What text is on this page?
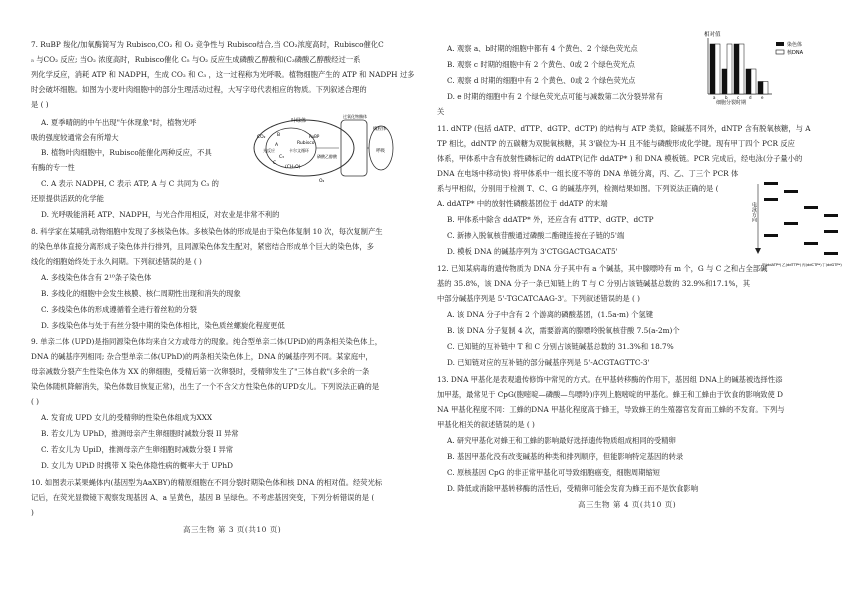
7. RuBP 羧化/加氧酶简写为 Rubisco,CO₂ 和 O₂ 竞争性与 Rubisco结合,当 CO₂浓度高时，Rubisco催化C
₅ 与CO₂ 反应; 当O₂ 浓度高时，Rubisco催化 C₅ 与O₂ 反应生成磷酸乙醇酸和(C₃磷酸乙醇酸经过一系
列化学反应，消耗 ATP 和 NADPH，生成 CO₂ 和 C₃ ，这一过程称为光呼吸。植物细胞产生的 ATP 和 NADPH 过多
时会破坏细胞。如图为小麦叶肉细胞中的部分生理活动过程，大写字母代表相应的物质。下列叙述合理的
是 ( )
A. 夏季晴朗的中午出现"午休现象"时，植物光呼
吸的强度较通常会有所增大
B. 植物叶肉细胞中，Rubisco能催化两种反应，不具
有酶的专一性
C. A 表示 NADPH, C 表示 ATP, A 与 C 共同为 C₃ 的
还原提供活跃的化学能
D. 光呼吸能消耗 ATP、NADPH，与光合作用相反，对农业是非常不利的
叶绿体
线粒体
过氧化物酶体
CO₂
O₂
Rubisco
RuBP
磷酸乙醇酸
(CH₂O)
C₃
光反应
A
B
C
卡尔文循环	呼吸
8. 科学家在某哺乳动物细胞中发现了多核染色体。多核染色体的形成是由于染色体复制 10 次，每次复制产生
的染色单体直接分离形成子染色体并行排列，且同源染色体发生配对，紧密结合形成单个巨大的染色体，多
线化的细胞始终处于永久间期。下列叙述错误的是 ( )
A. 多线染色体含有 2¹⁰条子染色体
B. 多线化的细胞中会发生核膜、核仁周期性出现和消失的现象
C. 多线染色体的形成遵循着全进行着丝粒的分裂
D. 多线染色体与处于有丝分裂中期的染色体相比，染色质丝螺旋化程度更低
9. 单亲二体 (UPD)是指同源染色体均来自父方或母方的现象。纯合型单亲二体(UPiD)的两条相关染色体上，
DNA 的碱基序列相同; 杂合型单亲二体(UPhD)的两条相关染色体上，DNA 的碱基序列不同。某家庭中，
母亲减数分裂产生性染色体为 XX 的卵细胞，受精后第一次卵裂时，受精卵发生了"三体自救"(多余的一条
染色体随机降解消失，染色体数目恢复正常)，出生了一个不含父方性染色体的UPD女儿。下列说法正确的是
( )
A. 发育成 UPD 女儿的受精卵的性染色体组成为XXX
B. 若女儿为 UPhD，推测母亲产生卵细胞时减数分裂 II 异常
C. 若女儿为 UpiD，推测母亲产生卵细胞时减数分裂 I 异常
D. 女儿为 UPiD 时携带 X 染色体隐性病的概率大于 UPhD
10. 如图表示某果蝇体内(基因型为AaXBY)的精原细胞在不同分裂时期染色体和核 DNA 的相对值。经荧光标
记后，在荧光显微镜下观察发现基因 A、a 呈黄色，基因 B 呈绿色。不考虑基因突变，下列分析错误的是 (
)
高三生物 第 3 页(共10 页)
A. 观察 a、b时期的细胞中都有 4 个黄色、2 个绿色荧光点
B. 观察 c 时期的细胞中有 2 个黄色、0或 2 个绿色荧光点
C. 观察 d 时期的细胞中有 2 个黄色、0或 2 个绿色荧光点
D. e 时期的细胞中有 2 个绿色荧光点可能与减数第二次分裂异常有
关
11. dNTP (包括 dATP、dTTP、dGTP、dCTP) 的结构与 ATP 类似，除碱基不同外，dNTP 含有脱氧核糖，与 A
TP 相比，ddNTP 的五碳糖为双脱氧核糖，其 3'碳位为-H 且不能与磷酸形成化学键。现有甲丁四个 PCR 反应
体系，甲体系中含有放射性磷标记的 ddATP(记作 ddATP* ) 和 DNA 模板链。PCR 完成后，经电泳(分子量小的
DNA 在电场中移动快) 将甲体系中一组长度不等的 DNA 单链分离，丙、乙、丁三个 PCR 体
系与甲相似，分别用于检测 T、C、G 的碱基序列，检测结果如图。下列说法正确的是 (
A. ddATP* 中的放射性磷酸基团位于 ddATP 的末端
B. 甲体系中除含 ddATP* 外，还应含有 dTTP、dGTP、dCTP
C. 新掺入脱氧核苷酸通过磷酸二酯键连接在子链的5'端
D. 模板 DNA 的碱基序列为 3'CTGGACTGACAT5'
12. 已知某病毒的遗传物质为 DNA 分子其中有 a 个碱基，其中腺嘌呤有 m 个，G 与 C 之和占全部碱
基的 35.8%，该 DNA 分子一条已知链上的 T 与 C 分别占该链碱基总数的 32.9%和17.1%，其
中部分碱基序列是 5'-TGCATCAAG-3'。下列叙述错误的是 ( )
A. 该 DNA 分子中含有 2 个游离的磷酸基团，(1.5a-m) 个氢键
B. 该 DNA 分子复制 4 次，需要游离的腺嘌呤脱氧核苷酸 7.5(a-2m)个
C. 已知链的互补链中 T 和 C 分别占该链碱基总数的 31.3%和 18.7%
D. 已知链对应的互补链的部分碱基序列是 5'-ACGTAGTTC-3'
13. DNA 甲基化是表观遗传修饰中常见的方式。在甲基转移酶的作用下，基因组 DNA上的碱基被选择性添
加甲基，最常见于 CpG(胞嘧啶—磷酸—鸟嘌呤)序列上胞嘧啶的甲基化。蜂王和工蜂由于饮食的影响致使 D
NA 甲基化程度不同：工蜂的DNA 甲基化程度高于蜂王，导致蜂王的生殖器官发育而工蜂的不发育。下列与
甲基化相关的叙述错误的是 ( )
A. 研究甲基化对蜂王和工蜂的影响最好选择遗传物质组成相同的受精卵
B. 基因甲基化没有改变碱基的种类和排列顺序，但能影响特定基因的转录
C. 原核基因 CpG 的非正常甲基化可导致细胞癌变，细胞周期缩短
D. 降低或消除甲基转移酶的活性后，受精卵可能会发育为蜂王而不是饮食影响
高三生物 第 4 页(共10 页)
相对值
细胞分裂时期
染色体
核DNA
a b c d e
电泳方向
甲(ddATP*) 乙(ddTTP*) 丙(ddCTP*) 丁(ddGTP*)
